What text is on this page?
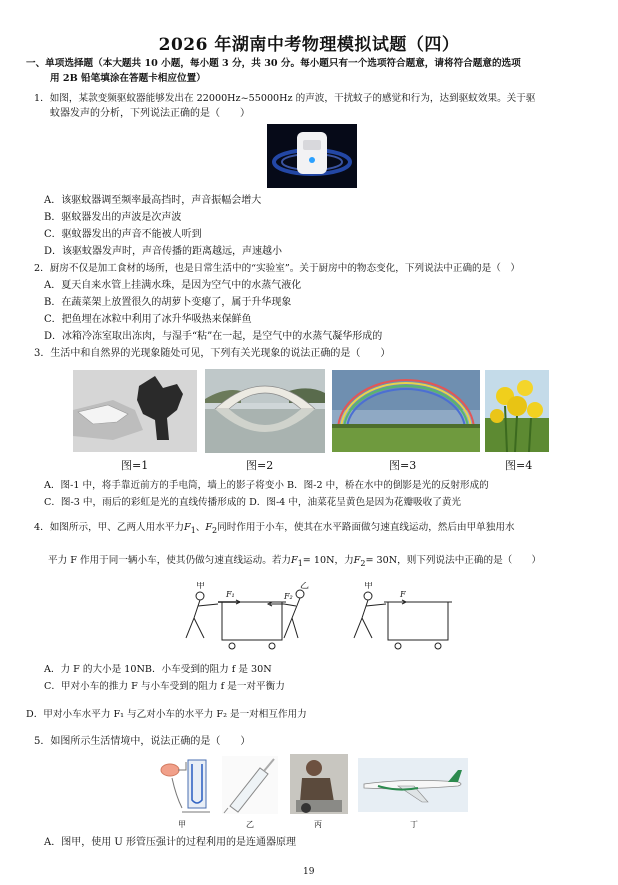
2026 年湖南中考物理模拟试题（四）
一、单项选择题（本大题共 10 小题，每小题 3 分，共 30 分。每小题只有一个选项符合题意，请将符合题意的选项
用 2B 铅笔填涂在答题卡相应位置）
1．如图，某款变频驱蚊器能够发出在 22000Hz~55000Hz 的声波，干扰蚊子的感觉和行为，达到驱蚊效果。关于驱
蚊器发声的分析，下列说法正确的是（　　）
A．该驱蚊器调至频率最高挡时，声音振幅会增大
B．驱蚊器发出的声波是次声波
C．驱蚊器发出的声音不能被人听到
D．该驱蚊器发声时，声音传播的距离越远，声速越小
2．厨房不仅是加工食材的场所，也是日常生活中的“实验室”。关于厨房中的物态变化，下列说法中正确的是（　）
A．夏天自来水管上挂满水珠，是因为空气中的水蒸气液化
B．在蔬菜架上放置很久的胡萝卜变瘪了，属于升华现象
C．把鱼埋在冰粒中利用了冰升华吸热来保鲜鱼
D．冰箱冷冻室取出冻肉，与湿手“粘”在一起，是空气中的水蒸气凝华形成的
3．生活中和自然界的光现象随处可见，下列有关光现象的说法正确的是（　　）
图=1	图=2	图=3	图=4
A．图-1 中，将手靠近前方的手电筒，墙上的影子将变小 B．图-2 中，桥在水中的倒影是光的反射形成的
C．图-3 中，雨后的彩虹是光的直线传播形成的 D．图-4 中，油菜花呈黄色是因为花瓣吸收了黄光
4．如图所示，甲、乙两人用水平力$F_1$、$F_2$同时作用于小车，使其在水平路面做匀速直线运动，然后由甲单独用水
平力 F 作用于同一辆小车，使其仍做匀速直线运动。若力$F_1= 10N$，力$F_2= 30N$，则下列说法中正确的是（　　）
甲
F₁	F₂
乙	甲
F
A．力 F 的大小是 10NB．小车受到的阻力 f 是 30N
C．甲对小车的推力 F 与小车受到的阻力 f 是一对平衡力
D．甲对小车水平力 F₁ 与乙对小车的水平力 F₂ 是一对相互作用力
5．如图所示生活情境中，说法正确的是（　　）
甲	乙	丙	丁
A．图甲，使用 U 形管压强计的过程利用的是连通器原理
19
